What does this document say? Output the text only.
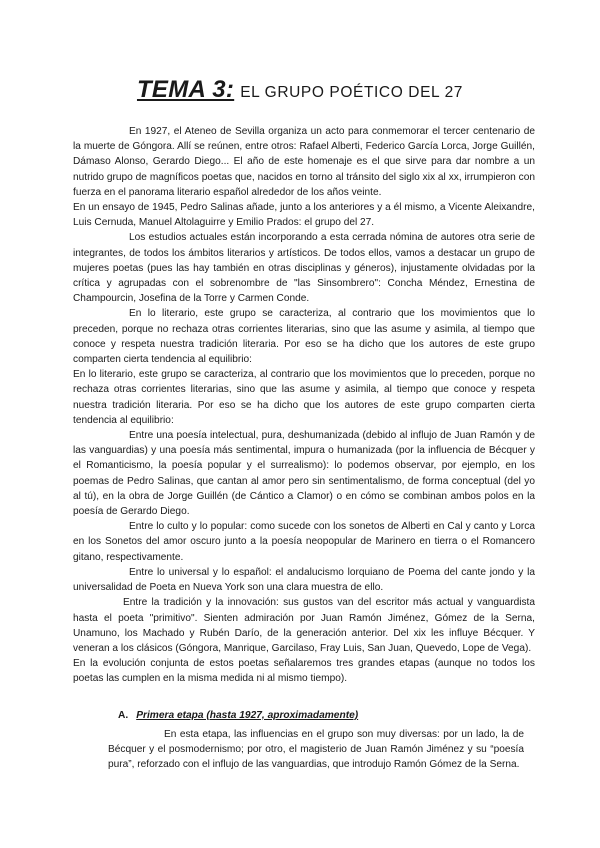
TEMA 3: EL GRUPO POÉTICO DEL 27

En 1927, el Ateneo de Sevilla organiza un acto para conmemorar el tercer centenario de la muerte de Góngora. Allí se reúnen, entre otros: Rafael Alberti, Federico García Lorca, Jorge Guillén, Dámaso Alonso, Gerardo Diego... El año de este homenaje es el que sirve para dar nombre a un nutrido grupo de magníficos poetas que, nacidos en torno al tránsito del siglo xix al xx, irrumpieron con fuerza en el panorama literario español alrededor de los años veinte.

En un ensayo de 1945, Pedro Salinas añade, junto a los anteriores y a él mismo, a Vicente Aleixandre, Luis Cernuda, Manuel Altolaguirre y Emilio Prados: el grupo del 27.

Los estudios actuales están incorporando a esta cerrada nómina de autores otra serie de integrantes, de todos los ámbitos literarios y artísticos. De todos ellos, vamos a destacar un grupo de mujeres poetas (pues las hay también en otras disciplinas y géneros), injustamente olvidadas por la crítica y agrupadas con el sobrenombre de "las Sinsombrero": Concha Méndez, Ernestina de Champourcin, Josefina de la Torre y Carmen Conde.

En lo literario, este grupo se caracteriza, al contrario que los movimientos que lo preceden, porque no rechaza otras corrientes literarias, sino que las asume y asimila, al tiempo que conoce y respeta nuestra tradición literaria. Por eso se ha dicho que los autores de este grupo comparten cierta tendencia al equilibrio:

En lo literario, este grupo se caracteriza, al contrario que los movimientos que lo preceden, porque no rechaza otras corrientes literarias, sino que las asume y asimila, al tiempo que conoce y respeta nuestra tradición literaria. Por eso se ha dicho que los autores de este grupo comparten cierta tendencia al equilibrio:

Entre una poesía intelectual, pura, deshumanizada (debido al influjo de Juan Ramón y de las vanguardias) y una poesía más sentimental, impura o humanizada (por la influencia de Bécquer y el Romanticismo, la poesía popular y el surrealismo): lo podemos observar, por ejemplo, en los poemas de Pedro Salinas, que cantan al amor pero sin sentimentalismo, de forma conceptual (del yo al tú), en la obra de Jorge Guillén (de Cántico a Clamor) o en cómo se combinan ambos polos en la poesía de Gerardo Diego.

Entre lo culto y lo popular: como sucede con los sonetos de Alberti en Cal y canto y Lorca en los Sonetos del amor oscuro junto a la poesía neopopular de Marinero en tierra o el Romancero gitano, respectivamente.

Entre lo universal y lo español: el andalucismo lorquiano de Poema del cante jondo y la universalidad de Poeta en Nueva York son una clara muestra de ello.

Entre la tradición y la innovación: sus gustos van del escritor más actual y vanguardista hasta el poeta "primitivo". Sienten admiración por Juan Ramón Jiménez, Gómez de la Serna, Unamuno, los Machado y Rubén Darío, de la generación anterior. Del xix les influye Bécquer. Y veneran a los clásicos (Góngora, Manrique, Garcilaso, Fray Luis, San Juan, Quevedo, Lope de Vega).

En la evolución conjunta de estos poetas señalaremos tres grandes etapas (aunque no todos los poetas las cumplen en la misma medida ni al mismo tiempo).

A. Primera etapa (hasta 1927, aproximadamente)

En esta etapa, las influencias en el grupo son muy diversas: por un lado, la de Bécquer y el posmodernismo; por otro, el magisterio de Juan Ramón Jiménez y su “poesía pura”, reforzado con el influjo de las vanguardias, que introdujo Ramón Gómez de la Serna.
